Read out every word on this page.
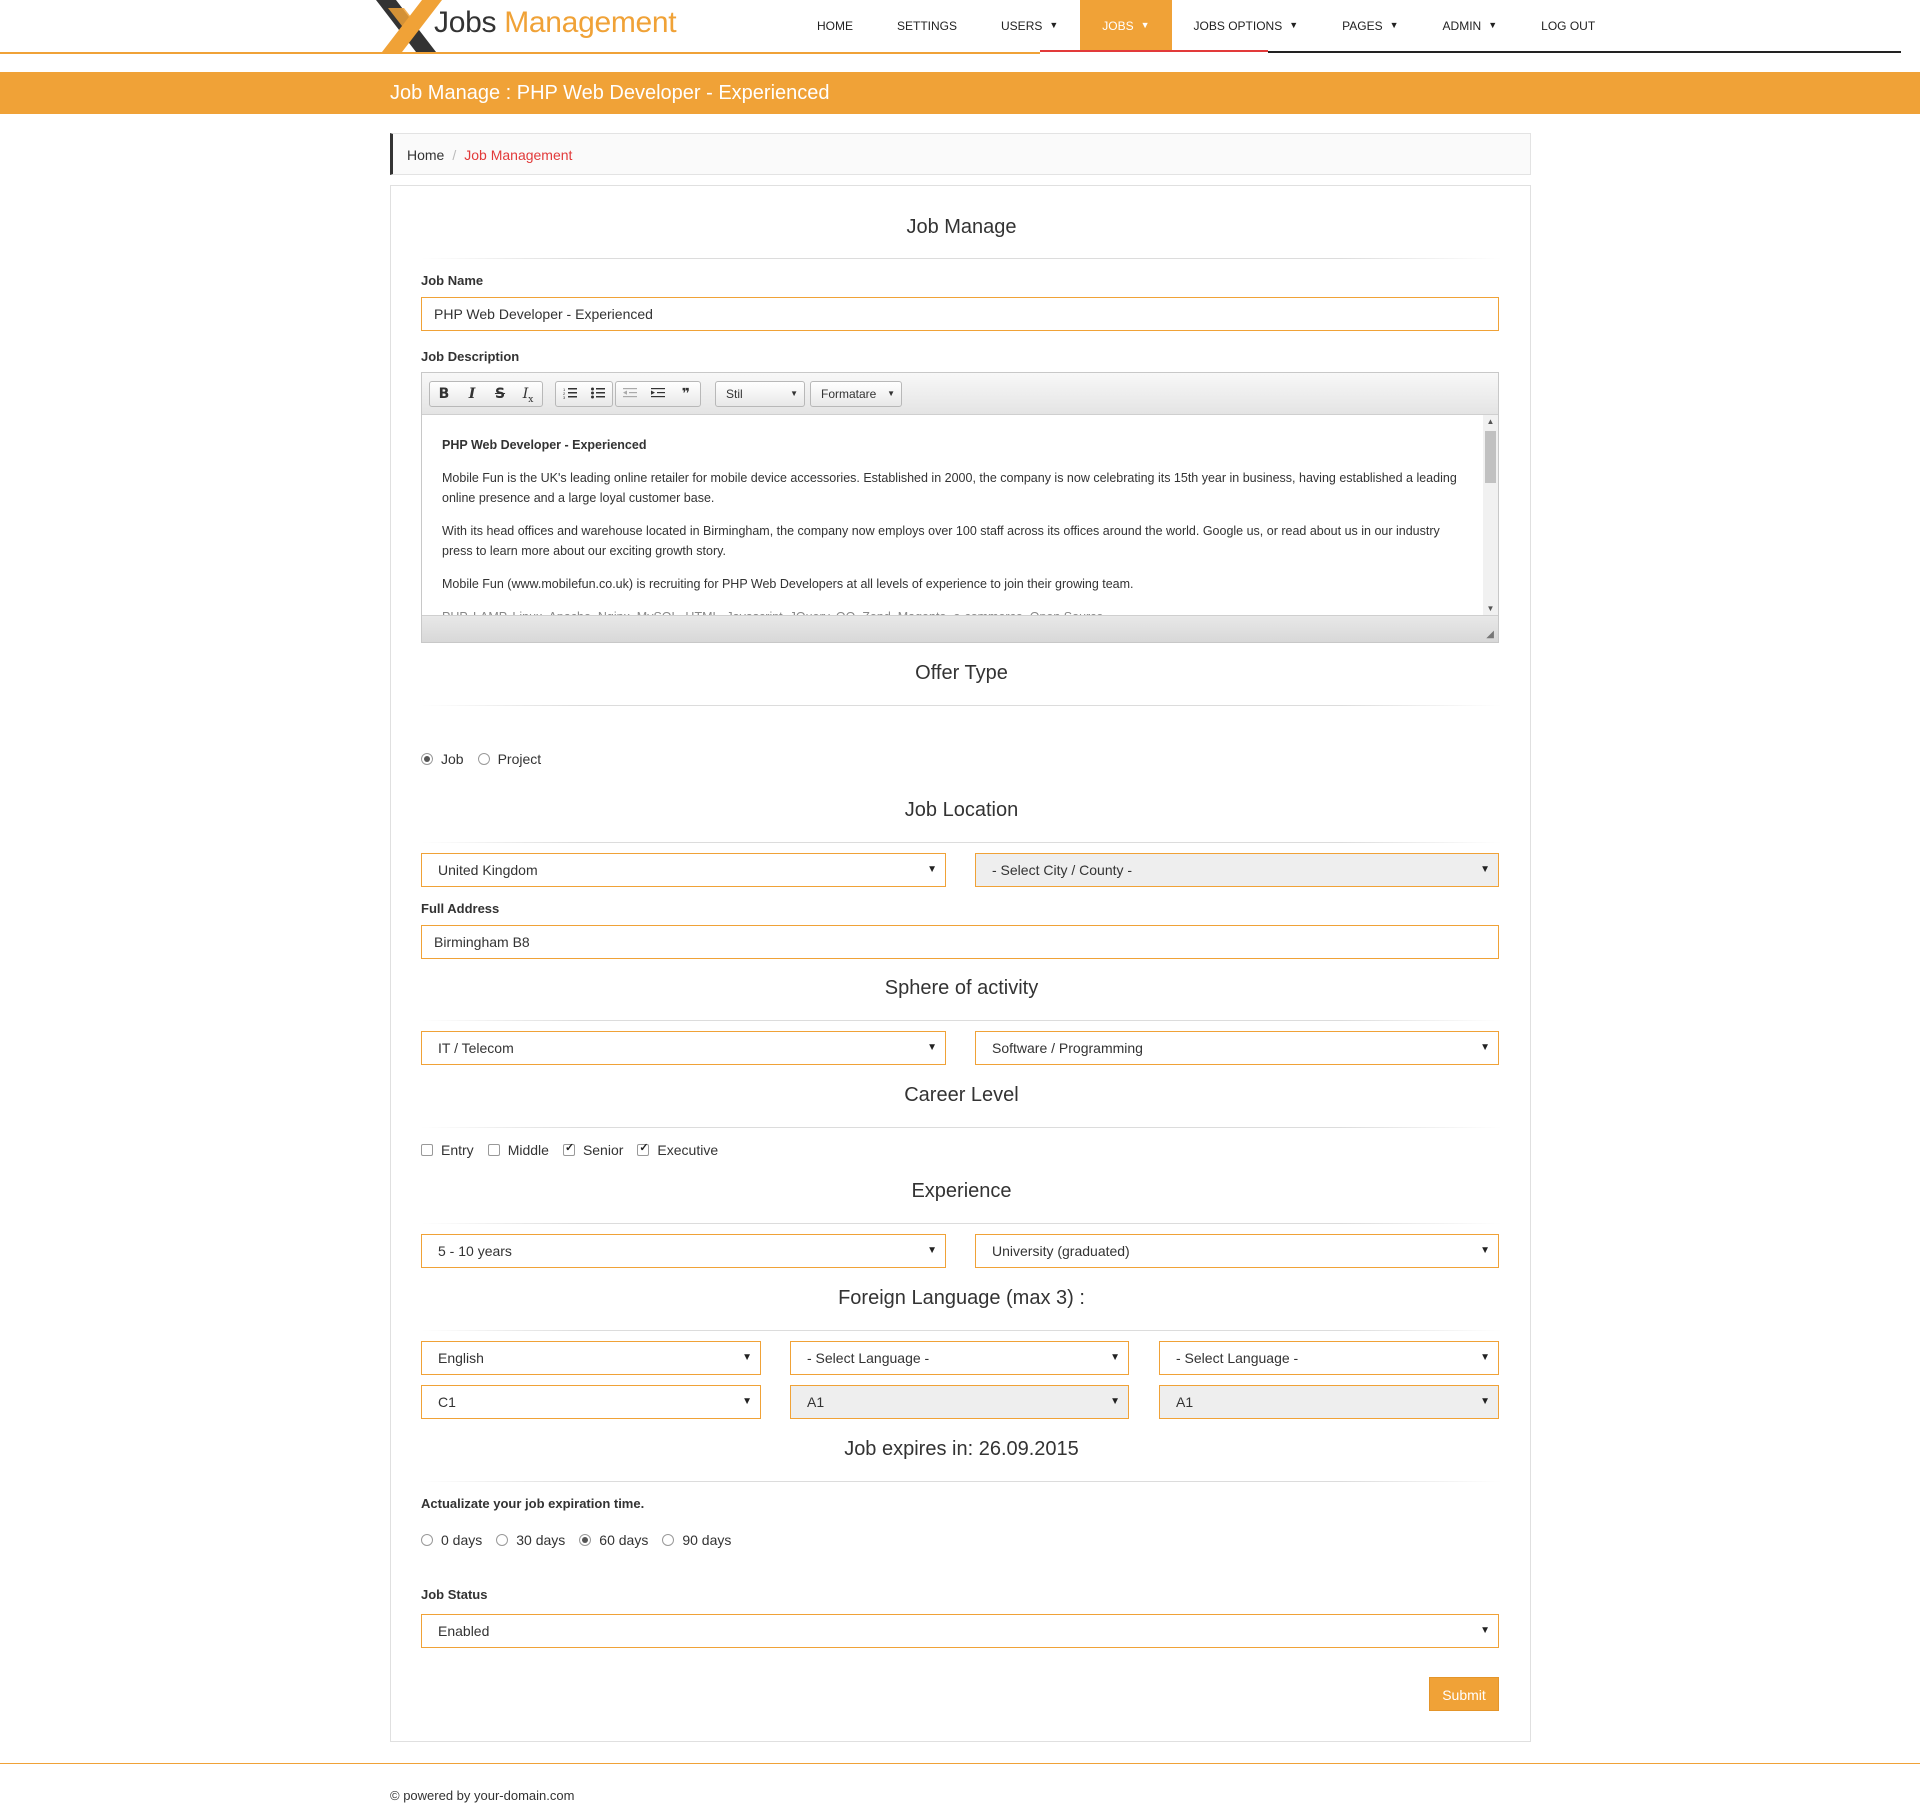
Jobs Management	HOME	SETTINGS	USERS ▼	JOBS ▼	JOBS OPTIONS ▼	PAGES ▼	ADMIN ▼	LOG OUT
Job Manage : PHP Web Developer - Experienced
Home / Job Management
Job Manage
Job Name
PHP Web Developer - Experienced
Job Description
B	I	S	$I_x$
1
2
3	❞	Stil	▼	Formatare ▼

PHP Web Developer - Experienced

Mobile Fun is the UK's leading online retailer for mobile device accessories. Established in 2000, the company is now celebrating its 15th year in business, having established a leading online presence and a large loyal customer base.

With its head offices and warehouse located in Birmingham, the company now employs over 100 staff across its offices around the world. Google us, or read about us in our industry press to learn more about our exciting growth story.

Mobile Fun (www.mobilefun.co.uk) is recruiting for PHP Web Developers at all levels of experience to join their growing team.

▲
▼
◢
Offer Type
Job Project
Job Location
United Kingdom	▼	- Select City / County -	▼
Full Address
Birmingham B8
Sphere of activity
IT / Telecom	▼	Software / Programming	▼
Career Level
Entry Middle ✓ Senior ✓ Executive
Experience
5 - 10 years	▼	University (graduated)	▼
Foreign Language (max 3) :
English	▼	- Select Language -	▼	- Select Language -	▼
C1	▼	A1	▼	A1	▼
Job expires in: 26.09.2015
Actualizate your job expiration time.
0 days 30 days 60 days 90 days
Job Status
Enabled	▼
Submit
© powered by your-domain.com
